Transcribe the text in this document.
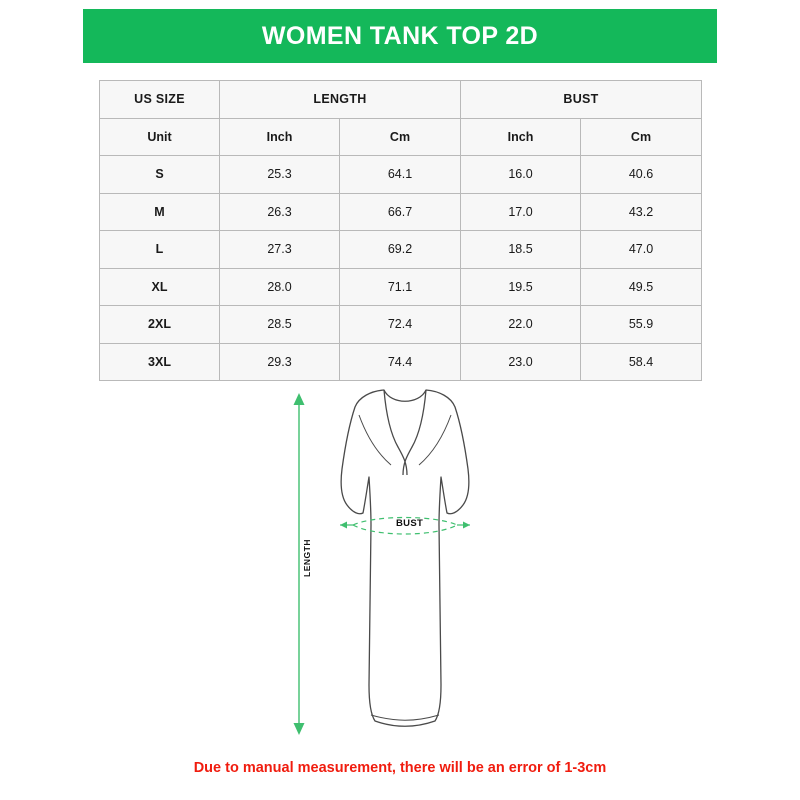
WOMEN TANK TOP 2D
US SIZE	LENGTH		BUST	
Unit	Inch	Cm	Inch	Cm
S	25.3	64.1	16.0	40.6
M	26.3	66.7	17.0	43.2
L	27.3	69.2	18.5	47.0
XL	28.0	71.1	19.5	49.5
2XL	28.5	72.4	22.0	55.9
3XL	29.3	74.4	23.0	58.4
BUST
LENGTH
Due to manual measurement, there will be an error of 1-3cm
